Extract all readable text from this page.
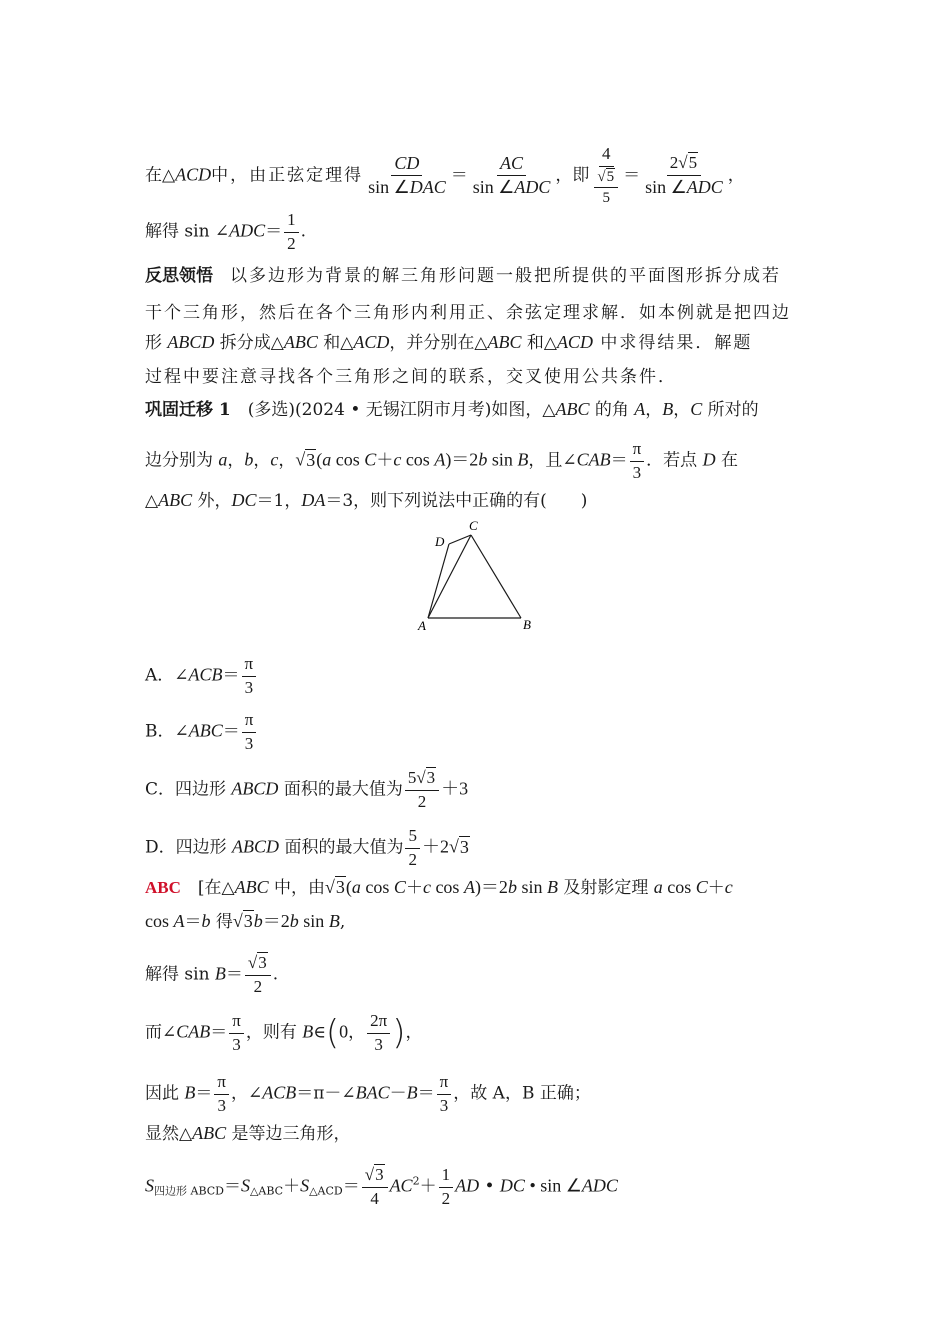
在△ACD中，由正弦定理得 $\frac{CD}{\text{sin ∠DAC}} = \frac{AC}{\text{sin ∠ADC}}$ ，即 $\frac{4}{\frac{√5}{5}} = \frac{2√5}{\text{sin ∠ADC}}$ ，
解得 sin ∠ADC＝ $\frac{1}{2}$ .
反思领悟　 以多边形为背景的解三角形问题一般把所提供的平面图形拆分成若
干个三角形，然后在各个三角形内利用正、余弦定理求解．如本例就是把四边
形 ABCD 拆分成△ABC 和△ACD，并分别在△ABC 和△ACD 中求得结果．解题
过程中要注意寻找各个三角形之间的联系，交叉使用公共条件．
巩固迁移 1　 (多选)(2024 • 无锡江阴市月考)如图，△ABC 的角 A，B，C 所对的
边分别为 a，b，c，√3(a cos C＋c cos A)＝2b sin B，且∠CAB＝ $\frac{\pi}{3}$ ．若点 D 在
△ABC 外，DC＝1，DA＝3，则下列说法中正确的有(　　)
A	B
C
D
A．∠ACB＝ $\frac{\pi}{3}$
B．∠ABC＝ $\frac{\pi}{3}$
C．四边形 ABCD 面积的最大值为 $\frac{5√3}{2} +3$
D．四边形 ABCD 面积的最大值为 $\frac{5}{2} +2√3$
ABC　 [在△ABC 中，由√3(a cos C＋c cos A)＝2b sin B 及射影定理 a cos C＋c
cos A＝b 得√3b＝2b sin B,
解得 $\sin B= \frac{√3}{2}$ .
而∠CAB＝ $\frac{\pi}{3}$ ，则有 B∈(0， $\frac{2\pi}{3}$ )，
因此 $B= \frac{\pi}{3}$ ，∠ACB＝π－∠BAC－B＝ $\frac{\pi}{3}$ ，故 A，B 正确；
显然△ABC 是等边三角形，
$S_{四边形 ABCD}=S_{\triangle ABC}+S_{\triangle ACD}= \frac{√3}{4} AC^2+ \frac{1}{2}$ AD • DC • sin ∠ADC
